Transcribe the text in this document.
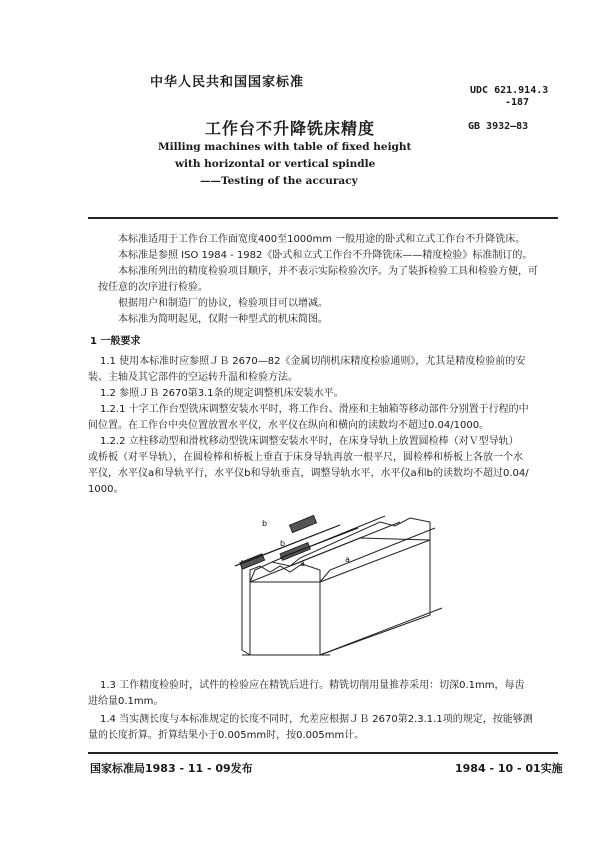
中华人民共和国国家标准
UDC 621.914.3
-187
工作台不升降铣床精度	GB 3932—83
Milling machines with table of fixed height
with horizontal or vertical spindle
——Testing of the accuracy
本标准适用于工作台工作面宽度400至1000mm 一般用途的卧式和立式工作台不升降铣床。
本标准是参照 ISO 1984 - 1982《卧式和立式工作台不升降铣床——精度检验》标准制订的。
本标准所列出的精度检验项目顺序，并不表示实际检验次序。为了装拆检验工具和检验方便，可
按任意的次序进行检验。
根据用户和制造厂的协议，检验项目可以增减。
本标准为简明起见，仅附一种型式的机床简图。
1 一般要求
1.1 使用本标准时应参照ＪＢ 2670—82《金属切削机床精度检验通则》，尤其是精度检验前的安
装、主轴及其它部件的空运转升温和检验方法。
1.2 参照ＪＢ 2670第3.1条的规定调整机床安装水平。
1.2.1 十字工作台型铣床调整安装水平时，将工作台、滑座和主轴箱等移动部件分别置于行程的中
间位置。在工作台中央位置放置水平仪，水平仪在纵向和横向的读数均不超过0.04/1000。
1.2.2 立柱移动型和滑枕移动型铣床调整安装水平时，在床身导轨上放置圆检棒（对Ｖ型导轨）
或桥板（对平导轨），在圆检棒和桥板上垂直于床身导轨再放一根平尺，圆检棒和桥板上各放一个水
平仪，水平仪a和导轨平行，水平仪b和导轨垂直，调整导轨水平，水平仪a和b的读数均不超过0.04/
1000。
b
b
a	a
1.3 工作精度检验时，试件的检验应在精铣后进行。精铣切削用量推荐采用：切深0.1mm，每齿
进给量0.1mm。
1.4 当实测长度与本标准规定的长度不同时，允差应根据ＪＢ 2670第2.3.1.1项的规定，按能够测
量的长度折算。折算结果小于0.005mm时，按0.005mm计。
国家标准局1983 - 11 - 09发布	1984 - 10 - 01实施
